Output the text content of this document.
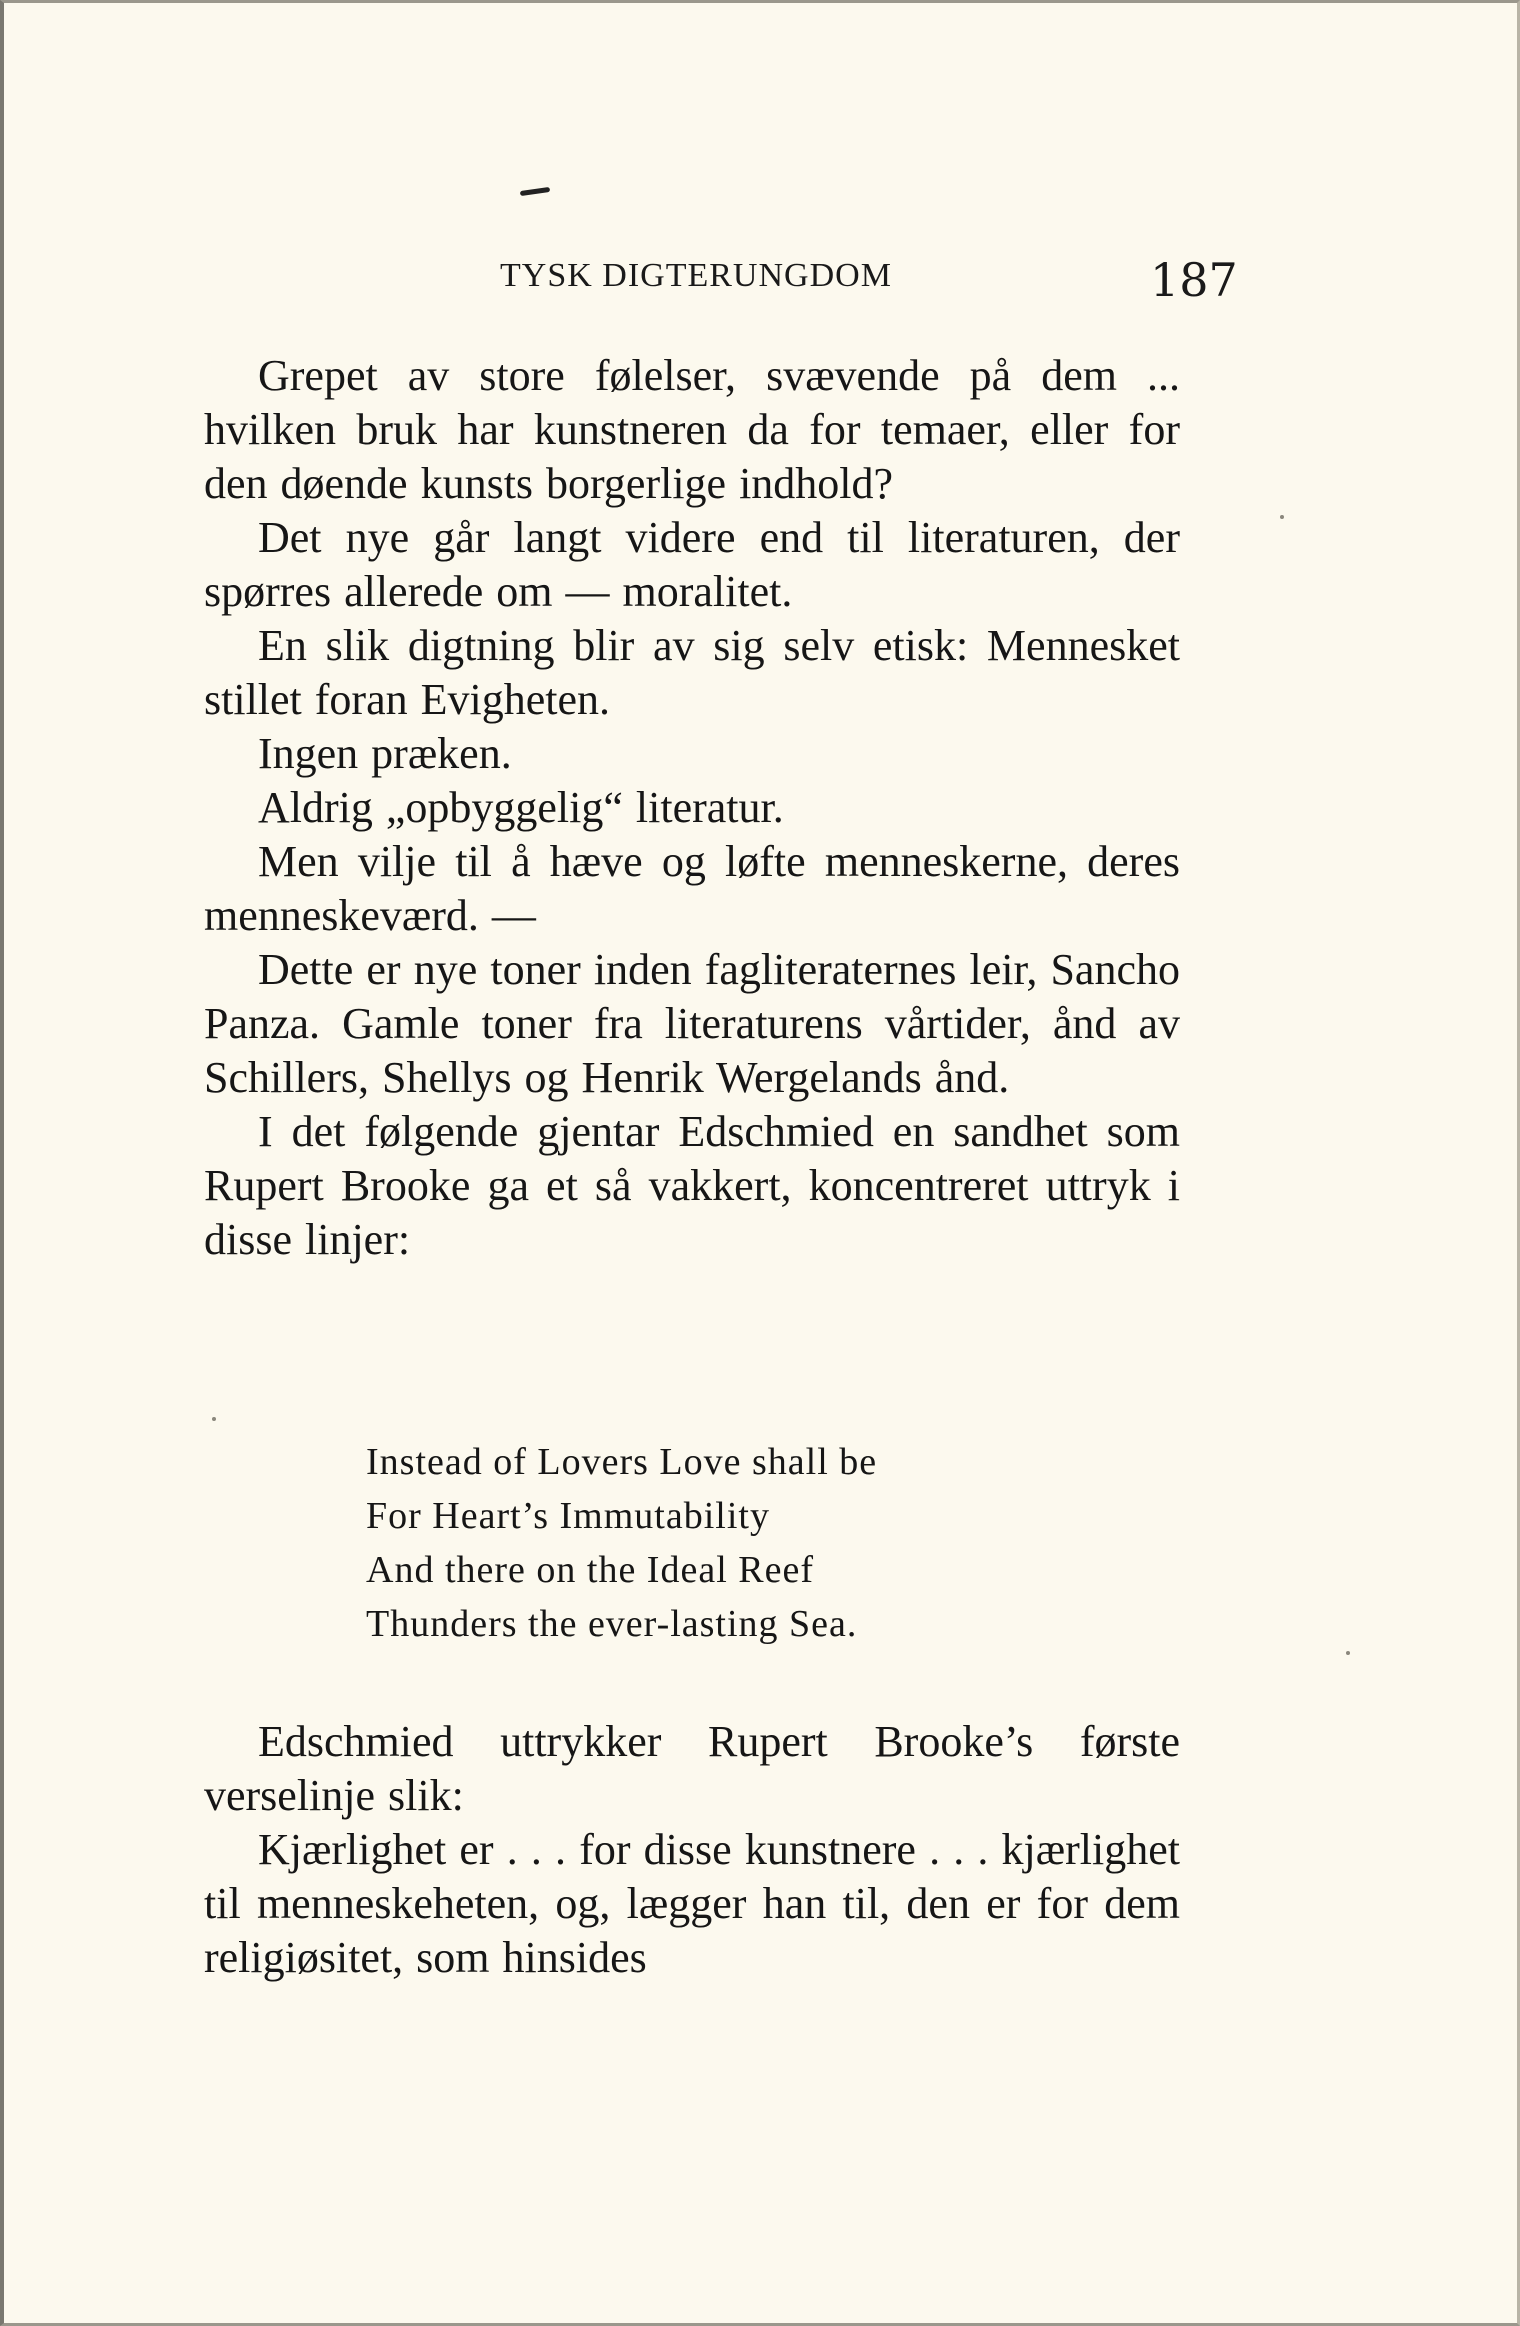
TYSK DIGTERUNGDOM	187

Grepet av store følelser, svævende på dem ... hvilken bruk har kunstneren da for temaer, eller for den døende kunsts borgerlige indhold?

Det nye går langt videre end til literaturen, der spørres allerede om — moralitet.

En slik digtning blir av sig selv etisk: Mennesket stillet foran Evigheten.

Ingen præken.

Aldrig „opbyggelig“ literatur.

Men vilje til å hæve og løfte menneskerne, deres menneskeværd. —

Dette er nye toner inden fagliteraternes leir, Sancho Panza. Gamle toner fra literaturens vårtider, ånd av Schillers, Shellys og Henrik Wergelands ånd.

I det følgende gjentar Edschmied en sandhet som Rupert Brooke ga et så vakkert, koncentreret uttryk i disse linjer:

Instead of Lovers Love shall be

For Heart’s Immutability

And there on the Ideal Reef

Thunders the ever-lasting Sea.

Edschmied uttrykker Rupert Brooke’s første verselinje slik:

Kjærlighet er . . . for disse kunstnere . . . kjærlighet til menneskeheten, og, lægger han til, den er for dem religiøsitet, som hinsides
